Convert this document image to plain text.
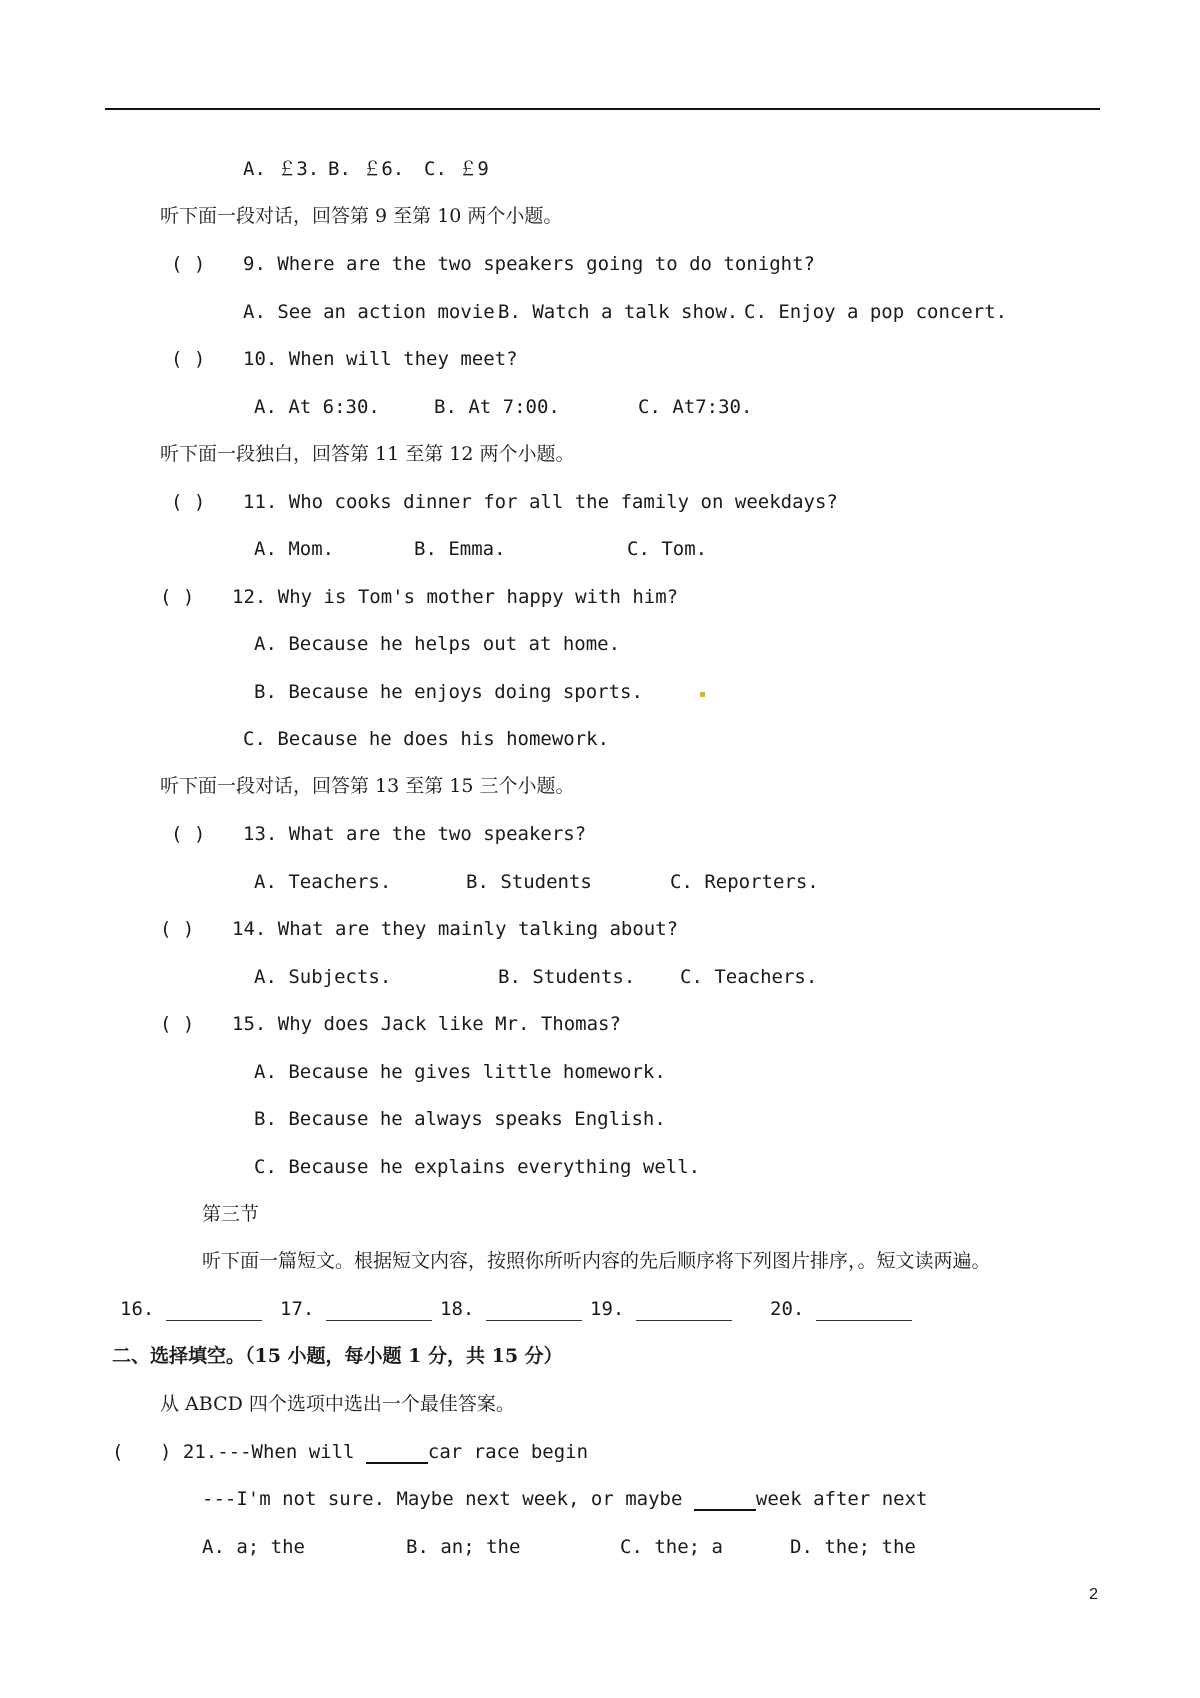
A. ￡3. B. ￡6. C. ￡9
听下面一段对话，回答第 9 至第 10 两个小题。
( ) 9. Where are the two speakers going to do tonight?
A. See an action movie.
B. Watch a talk show. C. Enjoy a pop concert.
( ) 10. When will they meet?
A. At 6:30.	B. At 7:00.	C. At7:30.
听下面一段独白，回答第 11 至第 12 两个小题。
( ) 11. Who cooks dinner for all the family on weekdays?
A. Mom.	B. Emma.	C. Tom.
( ) 12. Why is Tom's mother happy with him?
A. Because he helps out at home.
B. Because he enjoys doing sports.
C. Because he does his homework.
听下面一段对话，回答第 13 至第 15 三个小题。
( ) 13. What are the two speakers?
A. Teachers.	B. Students	C. Reporters.
( ) 14. What are they mainly talking about?
A. Subjects.	B. Students. C. Teachers.
( ) 15. Why does Jack like Mr. Thomas?
A. Because he gives little homework.
B. Because he always speaks English.
C. Because he explains everything well.
第三节
听下面一篇短文。根据短文内容，按照你所听内容的先后顺序将下列图片排序，。短文读两遍。
16.	17.	18.	19.	20.
二、选择填空。（15 小题，每小题 1 分，共 15 分）
从 ABCD 四个选项中选出一个最佳答案。
( ) 21.---When will	car race begin
---I'm not sure. Maybe next week, or maybe	week after next
A. a; the	B. an; the	C. the; a	D. the; the
2
